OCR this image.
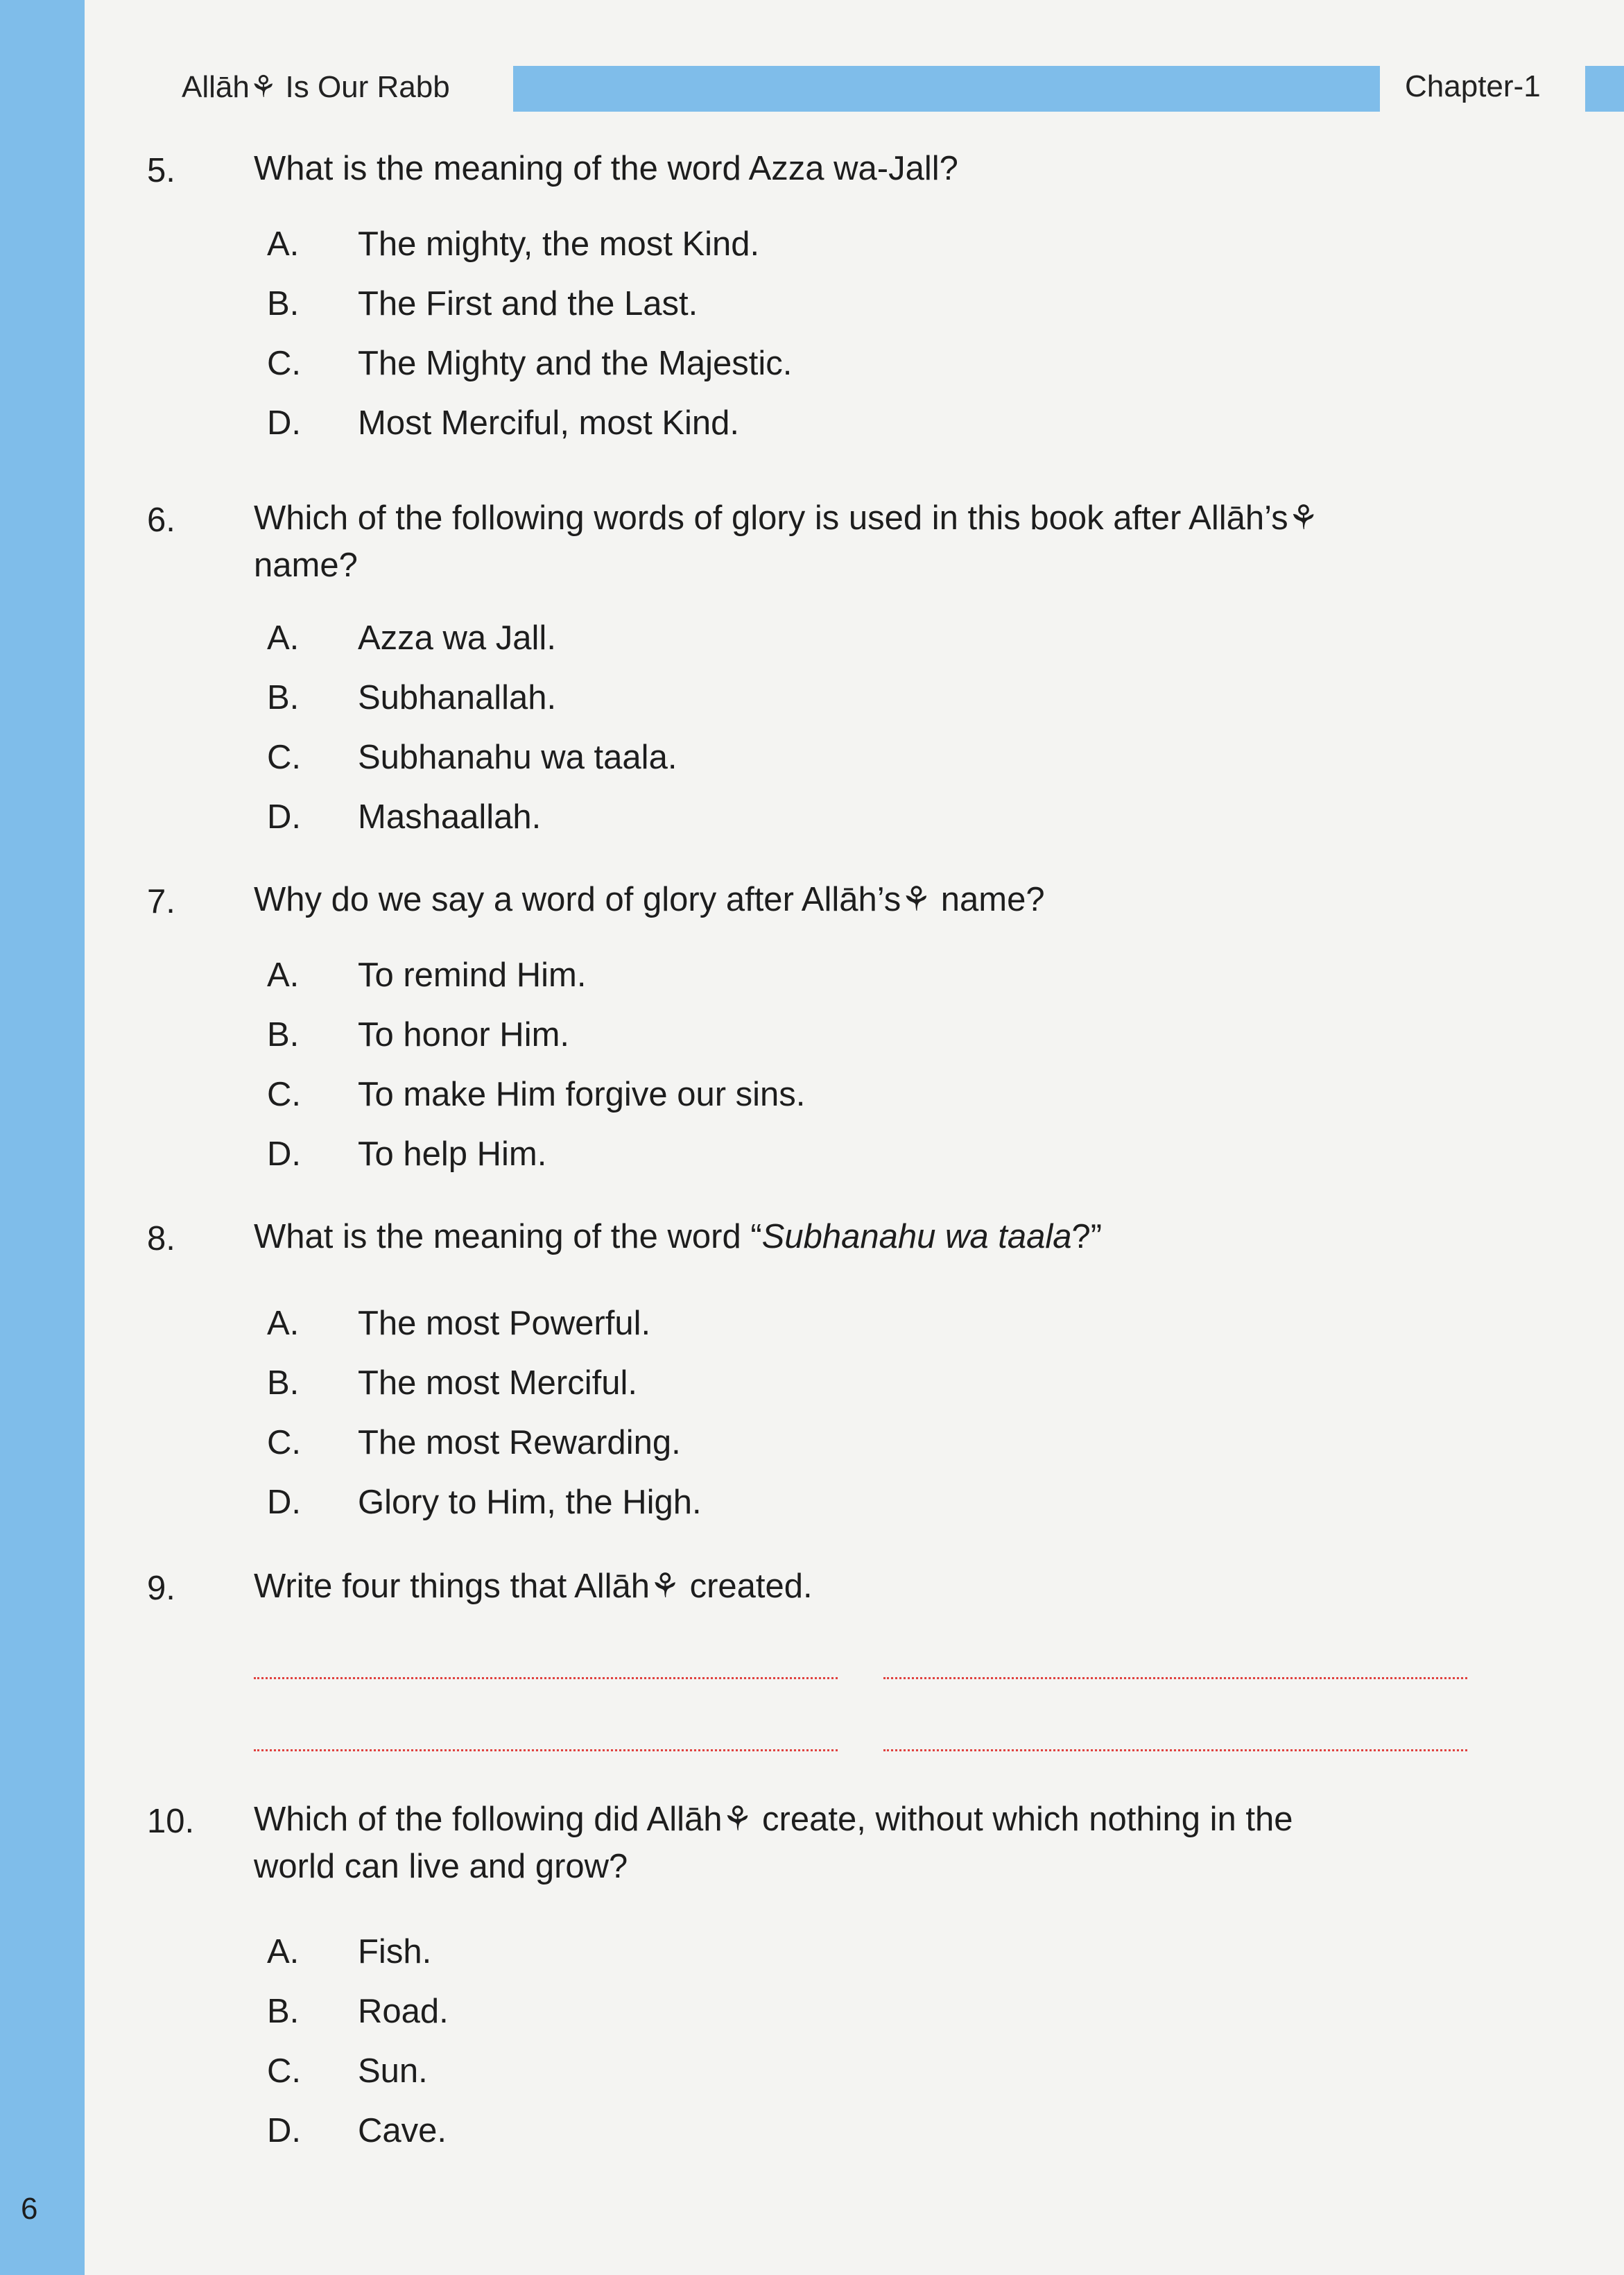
6
Allāh⚘ Is Our Rabb	Chapter-1
5. What is the meaning of the word Azza wa-Jall?
A. The mighty, the most Kind.
B. The First and the Last.
C. The Mighty and the Majestic.
D. Most Merciful, most Kind.
6. Which of the following words of glory is used in this book after Allāh’s⚘
name?
A. Azza wa Jall.
B. Subhanallah.
C. Subhanahu wa taala.
D. Mashaallah.
7. Why do we say a word of glory after Allāh’s⚘ name?
A. To remind Him.
B. To honor Him.
C. To make Him forgive our sins.
D. To help Him.
8. What is the meaning of the word “Subhanahu wa taala?”
A. The most Powerful.
B. The most Merciful.
C. The most Rewarding.
D. Glory to Him, the High.
9. Write four things that Allāh⚘ created.
10. Which of the following did Allāh⚘ create, without which nothing in the
world can live and grow?
A. Fish.
B. Road.
C. Sun.
D. Cave.
